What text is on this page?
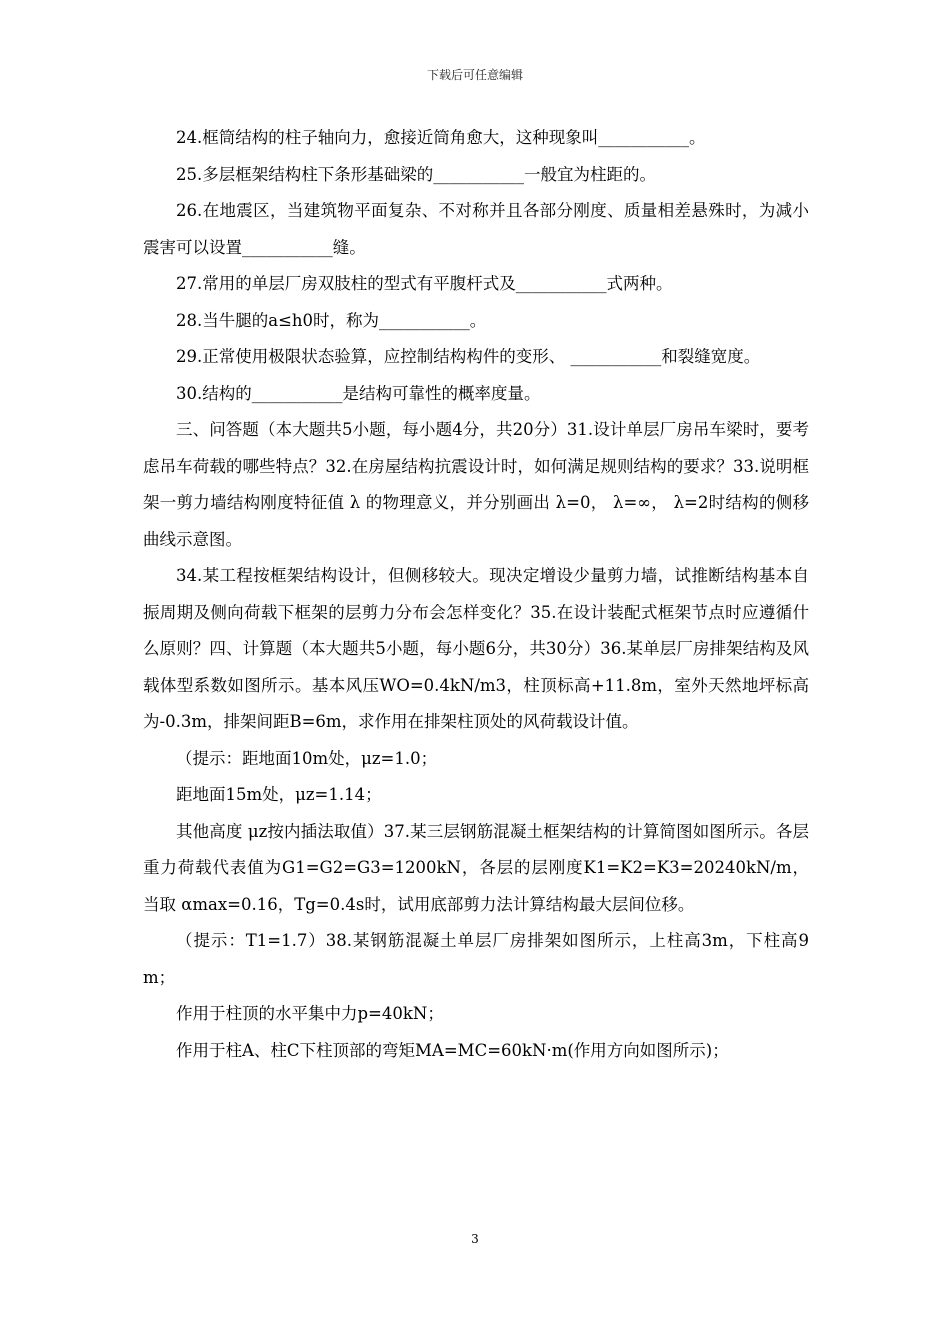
下载后可任意编辑

24.框筒结构的柱子轴向力，愈接近筒角愈大，这种现象叫___________。

25.多层框架结构柱下条形基础梁的___________一般宜为柱距的。

26.在地震区，当建筑物平面复杂、不对称并且各部分刚度、质量相差悬殊时，为减小震害可以设置___________缝。

27.常用的单层厂房双肢柱的型式有平腹杆式及___________式两种。

28.当牛腿的a≤h0时，称为___________。

29.正常使用极限状态验算，应控制结构构件的变形、 ___________和裂缝宽度。

30.结构的___________是结构可靠性的概率度量。

三、问答题（本大题共5小题，每小题4分，共20分）31.设计单层厂房吊车梁时，要考虑吊车荷载的哪些特点？32.在房屋结构抗震设计时，如何满足规则结构的要求？33.说明框架一剪力墙结构刚度特征值 λ 的物理意义，并分别画出 λ=0， λ=∞， λ=2时结构的侧移曲线示意图。

34.某工程按框架结构设计，但侧移较大。现决定增设少量剪力墙，试推断结构基本自振周期及侧向荷载下框架的层剪力分布会怎样变化？35.在设计装配式框架节点时应遵循什么原则？四、计算题（本大题共5小题，每小题6分，共30分）36.某单层厂房排架结构及风载体型系数如图所示。基本风压WO=0.4kN/m3，柱顶标高+11.8m，室外天然地坪标高为-0.3m，排架间距B=6m，求作用在排架柱顶处的风荷载设计值。

（提示：距地面10m处，μz=1.0；

距地面15m处，μz=1.14；

其他高度 μz按内插法取值）37.某三层钢筋混凝土框架结构的计算简图如图所示。各层重力荷载代表值为G1=G2=G3=1200kN，各层的层刚度K1=K2=K3=20240kN/m，当取 αmax=0.16，Tg=0.4s时，试用底部剪力法计算结构最大层间位移。

（提示：T1=1.7）38.某钢筋混凝土单层厂房排架如图所示，上柱高3m，下柱高9m；

作用于柱顶的水平集中力p=40kN；

作用于柱A、柱C下柱顶部的弯矩MA=MC=60kN·m(作用方向如图所示)；

3
